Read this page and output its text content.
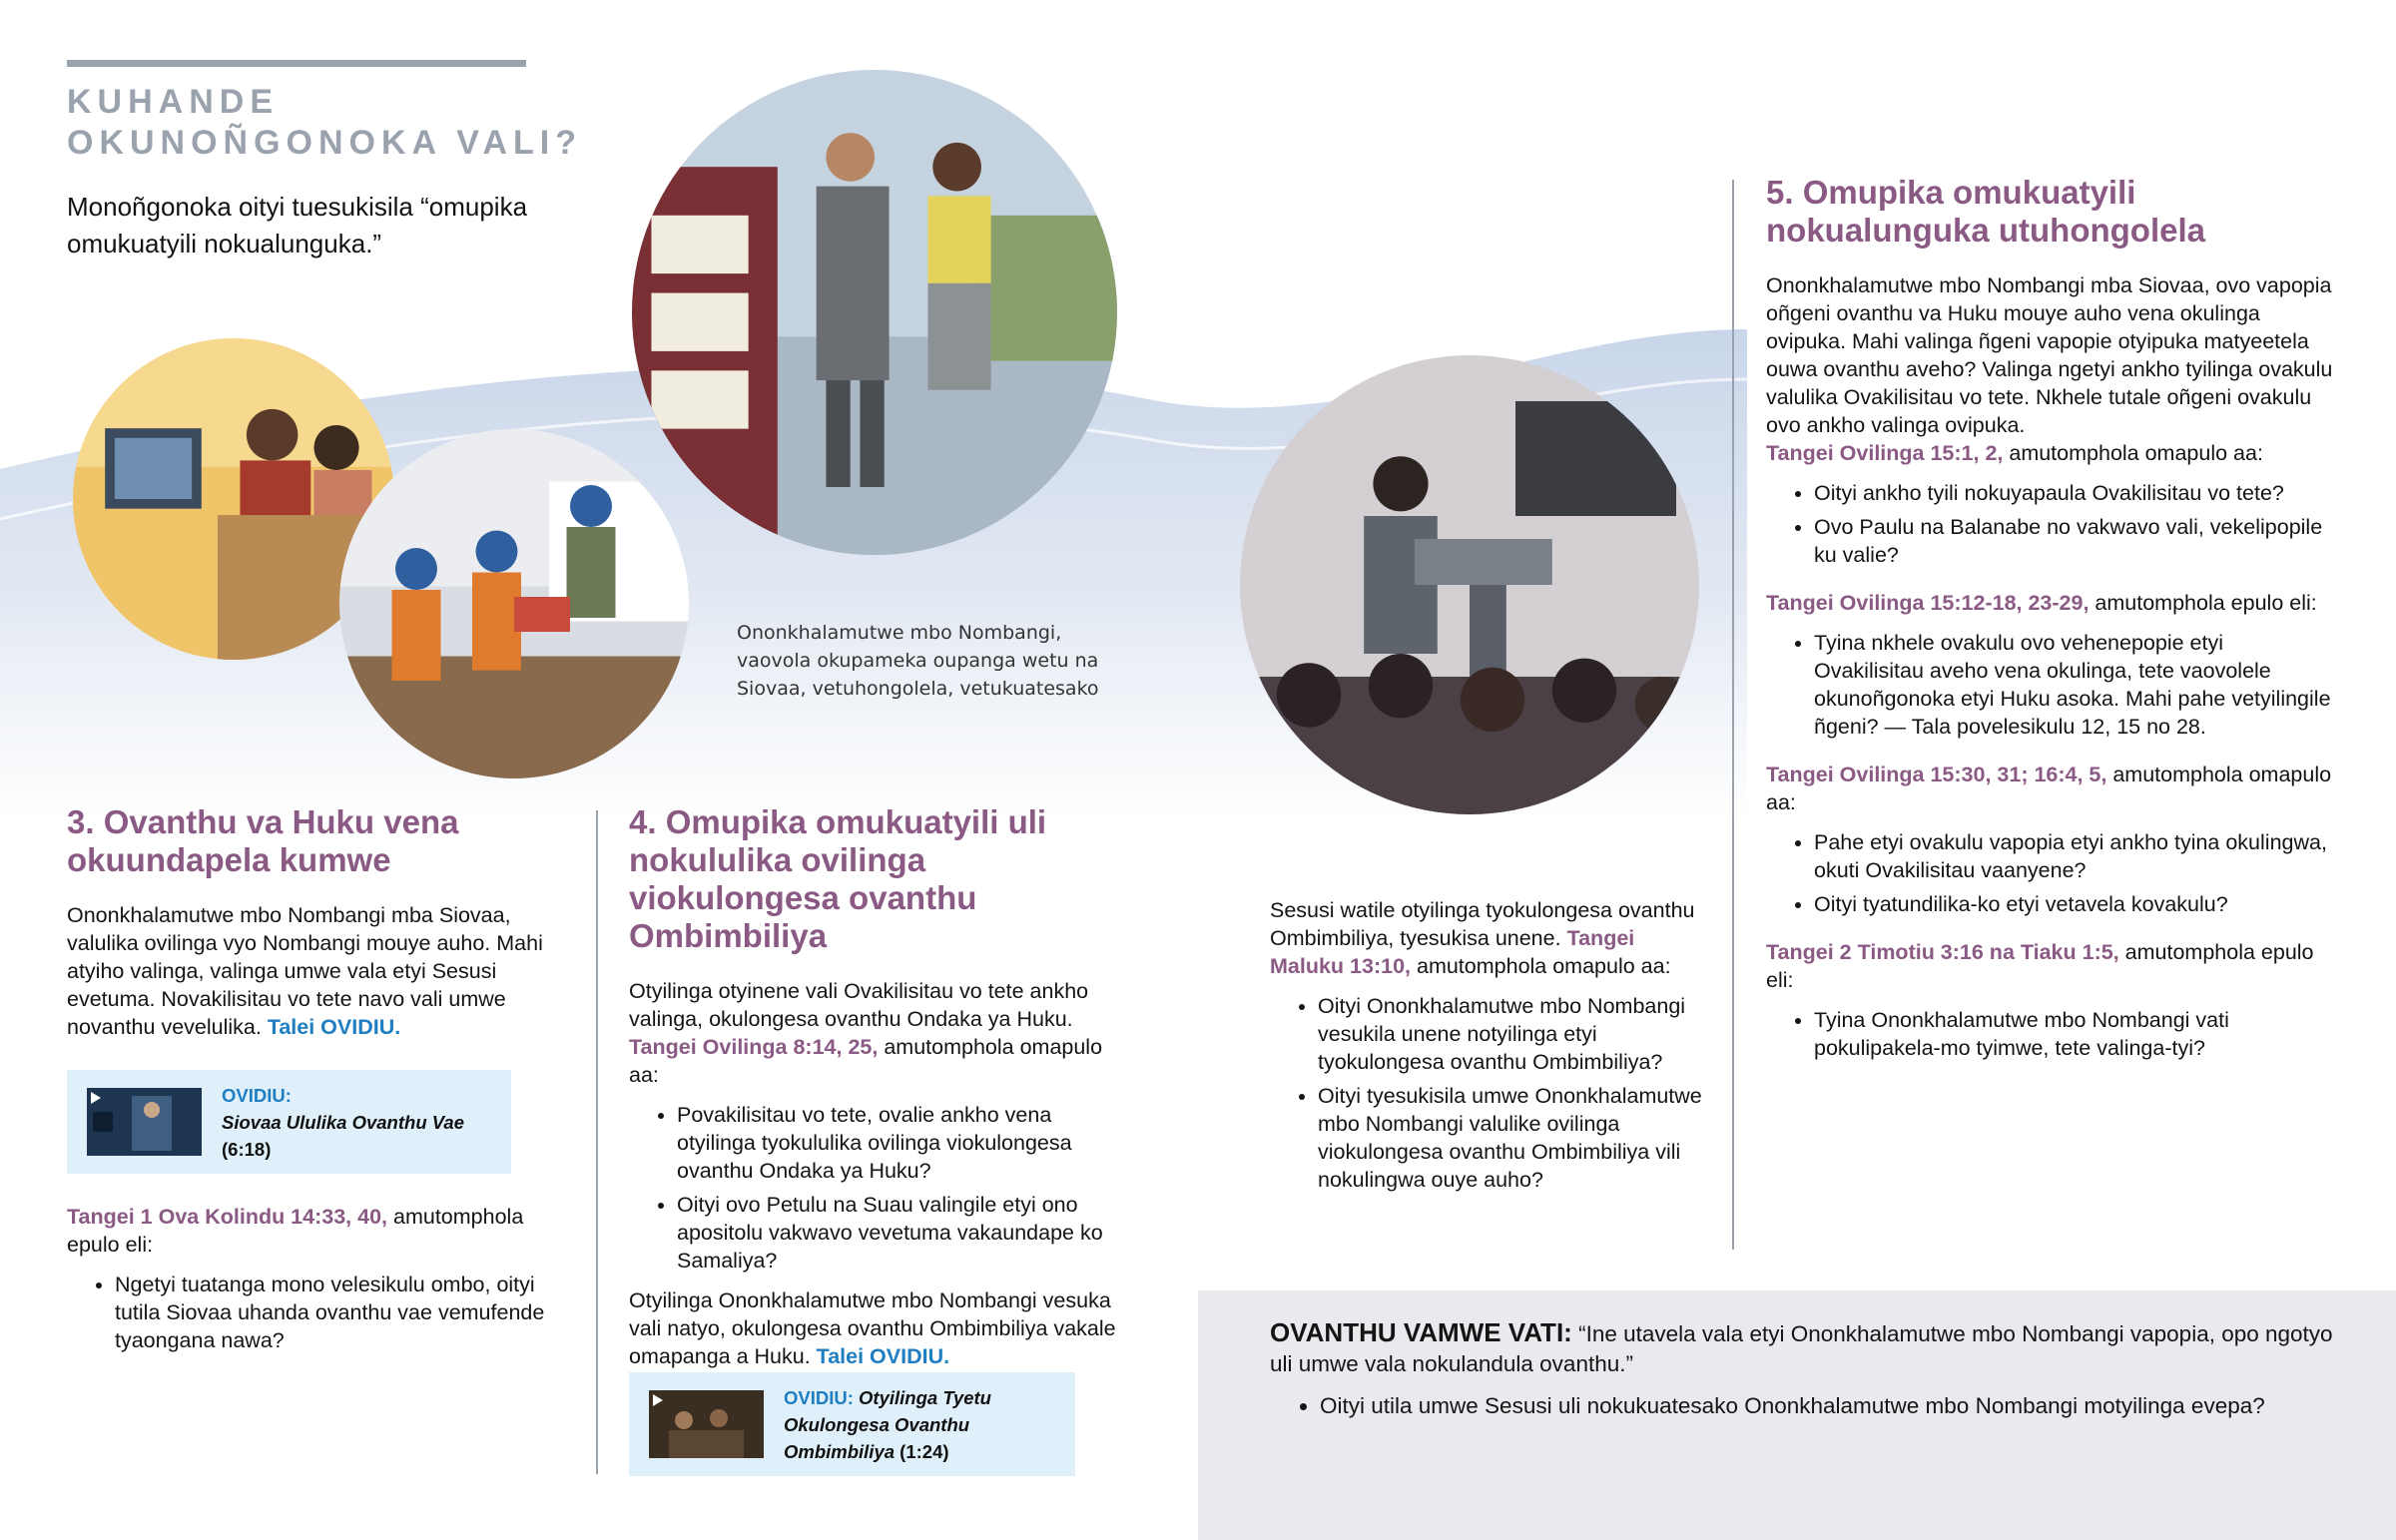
KUHANDE
OKUNOÑGONOKA VALI?
Monoñgonoka oityi tuesukisila “omupika omukuatyili nokualunguka.”
Ononkhalamutwe mbo Nombangi, vaovola okupameka oupanga wetu na Siovaa, vetuhongolela, vetukuatesako
3. Ovanthu va Huku vena okuundapela kumwe

Ononkhalamutwe mbo Nombangi mba Siovaa, valulika ovilinga vyo Nombangi mouye auho. Mahi atyiho valinga, valinga umwe vala etyi Sesusi evetuma. Novakilisitau vo tete navo vali umwe novanthu vevelulika. Talei OVIDIU.

OVIDIU:
Siovaa Ululika Ovanthu Vae (6:18)

Tangei 1 Ova Kolindu 14:33, 40, amutomphola epulo eli:

• Ngetyi tuatanga mono velesikulu ombo, oityi tutila Siovaa uhanda ovanthu vae vemufende tyaongana nawa?
4. Omupika omukuatyili uli nokululika ovilinga viokulongesa ovanthu Ombimbiliya

Otyilinga otyinene vali Ovakilisitau vo tete ankho valinga, okulongesa ovanthu Ondaka ya Huku. Tangei Ovilinga 8:14, 25, amutomphola omapulo aa:

• Povakilisitau vo tete, ovalie ankho vena otyilinga tyokululika ovilinga viokulongesa ovanthu Ondaka ya Huku?
• Oityi ovo Petulu na Suau valingile etyi ono apositolu vakwavo vevetuma vakaundape ko Samaliya?

Otyilinga Ononkhalamutwe mbo Nombangi vesuka vali natyo, okulongesa ovanthu Ombimbiliya vakale omapanga a Huku. Talei OVIDIU.

OVIDIU: Otyilinga Tyetu Okulongesa Ovanthu Ombimbiliya (1:24)

Sesusi watile otyilinga tyokulongesa ovanthu Ombimbiliya, tyesukisa unene. Tangei Maluku 13:10, amutomphola omapulo aa:

• Oityi Ononkhalamutwe mbo Nombangi vesukila unene notyilinga etyi tyokulongesa ovanthu Ombimbiliya?
• Oityi tyesukisila umwe Ononkhalamutwe mbo Nombangi valulike ovilinga viokulongesa ovanthu Ombimbiliya vili nokulingwa ouye auho?
5. Omupika omukuatyili nokualunguka utuhongolela

Ononkhalamutwe mbo Nombangi mba Siovaa, ovo vapopia oñgeni ovanthu va Huku mouye auho vena okulinga ovipuka. Mahi valinga ñgeni vapopie otyipuka matyeetela ouwa ovanthu aveho? Valinga ngetyi ankho tyilinga ovakulu valulika Ovakilisitau vo tete. Nkhele tutale oñgeni ovakulu ovo ankho valinga ovipuka.

Tangei Ovilinga 15:1, 2, amutomphola omapulo aa:

• Oityi ankho tyili nokuyapaula Ovakilisitau vo tete?
• Ovo Paulu na Balanabe no vakwavo vali, vekelipopile ku valie?

Tangei Ovilinga 15:12-18, 23-29, amutomphola epulo eli:

• Tyina nkhele ovakulu ovo vehenepopie etyi Ovakilisitau aveho vena okulinga, tete vaovolele okunoñgonoka etyi Huku asoka. Mahi pahe vetyilingile ñgeni? — Tala povelesikulu 12, 15 no 28.

Tangei Ovilinga 15:30, 31; 16:4, 5, amutomphola omapulo aa:

• Pahe etyi ovakulu vapopia etyi ankho tyina okulingwa, okuti Ovakilisitau vaanyene?
• Oityi tyatundilika-ko etyi vetavela kovakulu?

Tangei 2 Timotiu 3:16 na Tiaku 1:5, amutomphola epulo eli:

• Tyina Ononkhalamutwe mbo Nombangi vati pokulipakela-mo tyimwe, tete valinga-tyi?
OVANTHU VAMWE VATI: “Ine utavela vala etyi Ononkhalamutwe mbo Nombangi vapopia, opo ngotyo uli umwe vala nokulandula ovanthu.”
• Oityi utila umwe Sesusi uli nokukuatesako Ononkhalamutwe mbo Nombangi motyilinga evepa?
